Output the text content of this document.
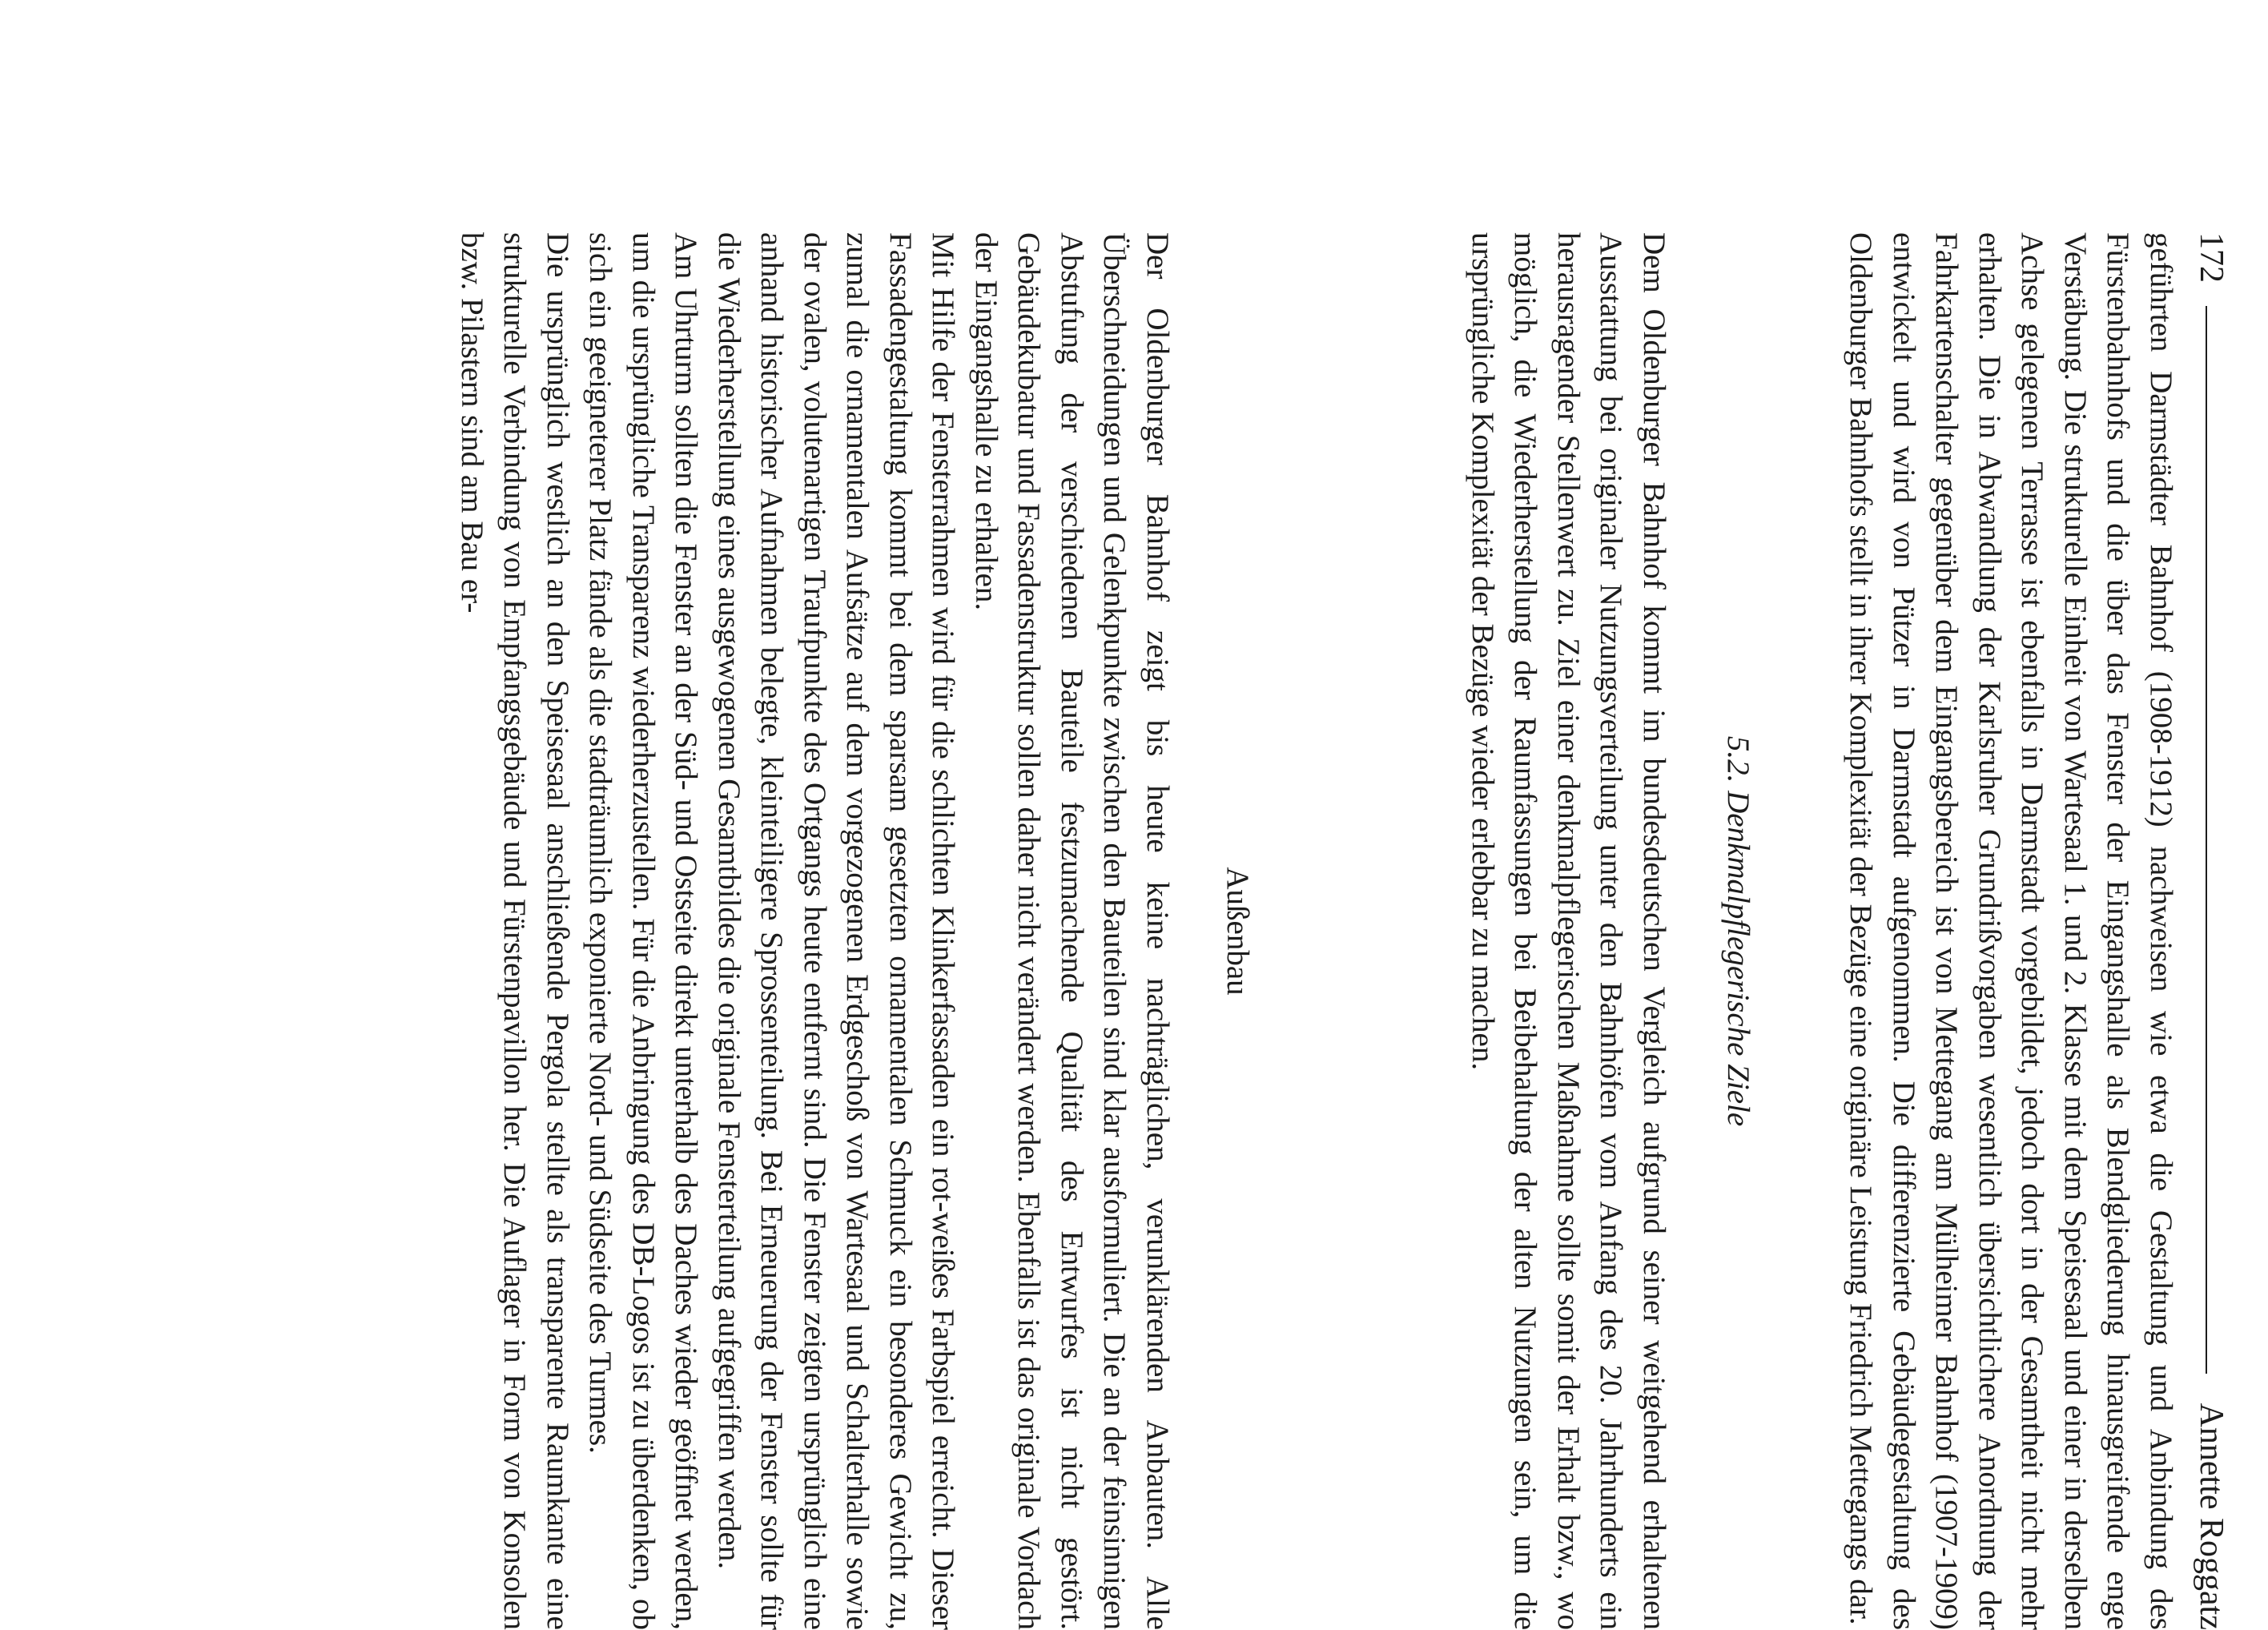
172
Annette Roggatz

geführten Darmstädter Bahnhof (1908-1912) nachweisen wie etwa die Gestaltung und Anbindung des Fürstenbahnhofs und die über das Fenster der Eingangshalle als Blendgliederung hinausgreifende enge Verstäbung. Die strukturelle Einheit von Wartesaal 1. und 2. Klasse mit dem Speisesaal und einer in derselben Achse gelegenen Terrasse ist ebenfalls in Darmstadt vorgebildet, jedoch dort in der Gesamtheit nicht mehr erhalten. Die in Abwandlung der Karlsruher Grundrißvorgaben wesentlich übersichtlichere Anordnung der Fahrkartenschalter gegenüber dem Eingangsbereich ist von Mettegang am Mülheimer Bahnhof (1907-1909) entwickelt und wird von Pützer in Darmstadt aufgenommen. Die differenzierte Gebäudegestaltung des Oldenburger Bahnhofs stellt in ihrer Komplexität der Bezüge eine originäre Leistung Friedrich Mettegangs dar.

5.2. Denkmalpflegerische Ziele

Dem Oldenburger Bahnhof kommt im bundesdeutschen Vergleich aufgrund seiner weitgehend erhaltenen Ausstattung bei originaler Nutzungsverteilung unter den Bahnhöfen vom Anfang des 20. Jahrhunderts ein herausragender Stellenwert zu. Ziel einer denkmalpflegerischen Maßnahme sollte somit der Erhalt bzw., wo möglich, die Wiederherstellung der Raumfassungen bei Beibehaltung der alten Nutzungen sein, um die ursprüngliche Komplexität der Bezüge wieder erlebbar zu machen.

Außenbau

Der Oldenburger Bahnhof zeigt bis heute keine nachträglichen, verunklärenden Anbauten. Alle Überschneidungen und Gelenkpunkte zwischen den Bauteilen sind klar ausformuliert. Die an der feinsinnigen Abstufung der verschiedenen Bauteile festzumachende Qualität des Entwurfes ist nicht gestört. Gebäudekubatur und Fassadenstruktur sollen daher nicht verändert werden. Ebenfalls ist das originale Vordach der Eingangshalle zu erhalten.

Mit Hilfe der Fensterrahmen wird für die schlichten Klinkerfassaden ein rot-weißes Farbspiel erreicht. Dieser Fassadengestaltung kommt bei dem sparsam gesetzten ornamentalen Schmuck ein besonderes Gewicht zu, zumal die ornamentalen Aufsätze auf dem vorgezogenen Erdgeschoß von Wartesaal und Schalterhalle sowie der ovalen, volutenartigen Traufpunkte des Ortgangs heute entfernt sind. Die Fenster zeigten ursprünglich eine anhand historischer Aufnahmen belegte, kleinteiligere Sprossenteilung. Bei Erneuerung der Fenster sollte für die Wiederherstellung eines ausgewogenen Gesamtbildes die originale Fensterteilung aufgegriffen werden.

Am Uhrturm sollten die Fenster an der Süd- und Ostseite direkt unterhalb des Daches wieder geöffnet werden, um die ursprüngliche Transparenz wiederherzustellen. Für die Anbringung des DB-Logos ist zu überdenken, ob sich ein geeigneterer Platz fände als die stadträumlich exponierte Nord- und Südseite des Turmes.

Die ursprünglich westlich an den Speisesaal anschließende Pergola stellte als transparente Raumkante eine strukturelle Verbindung von Empfangsgebäude und Fürstenpavillon her. Die Auflager in Form von Konsolen bzw. Pilastern sind am Bau er-
